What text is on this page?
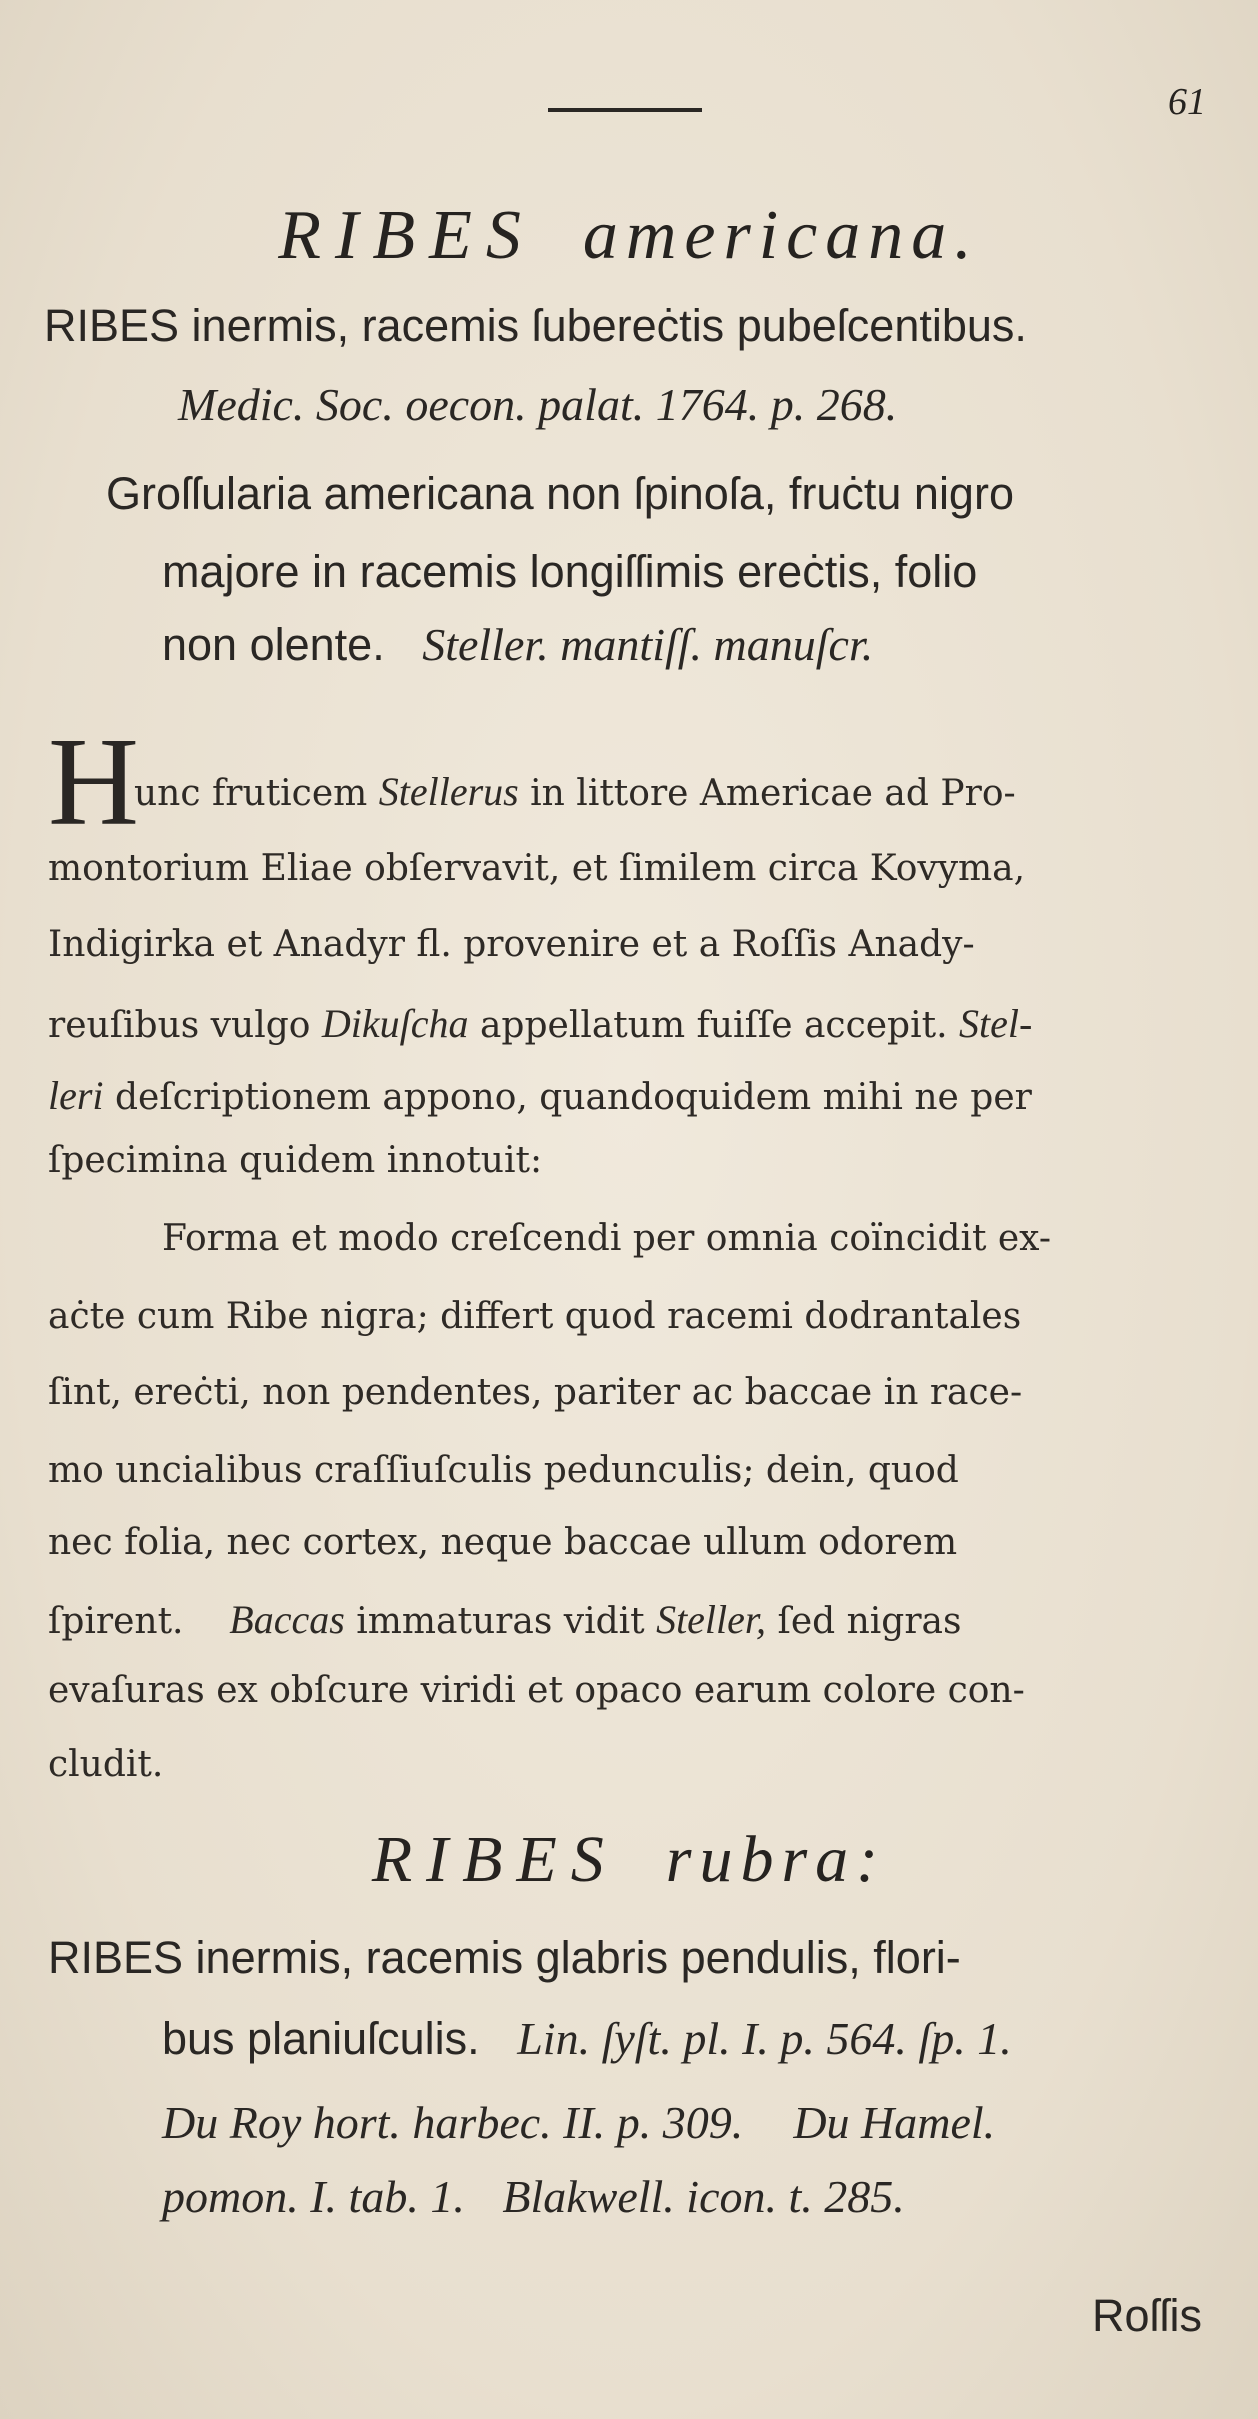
61
RIBES americana.
RIBES inermis, racemis ſubereċtis pubeſcentibus.
Medic. Soc. oecon. palat. 1764. p. 268.
Groſſularia americana non ſpinoſa, fruċtu nigro
majore in racemis longiſſimis ereċtis, folio
non olente. Steller. mantiſſ. manuſcr.
H
unc fruticem Stellerus in littore Americae ad Pro-
montorium Eliae obſervavit, et ſimilem circa Kovyma,
Indigirka et Anadyr fl. provenire et a Roſſis Anady-
reuſibus vulgo Dikuſcha appellatum fuiſſe accepit. Stel-
leri deſcriptionem appono, quandoquidem mihi ne per
ſpecimina quidem innotuit:
Forma et modo creſcendi per omnia coïncidit ex-
aċte cum Ribe nigra; differt quod racemi dodrantales
ſint, ereċti, non pendentes, pariter ac baccae in race-
mo uncialibus craſſiuſculis pedunculis; dein, quod
nec folia, nec cortex, neque baccae ullum odorem
ſpirent. Baccas immaturas vidit Steller, ſed nigras
evaſuras ex obſcure viridi et opaco earum colore con-
cludit.
RIBES rubra:
RIBES inermis, racemis glabris pendulis, flori-
bus planiuſculis. Lin. ſyſt. pl. I. p. 564. ſp. 1.
Du Roy hort. harbec. II. p. 309. Du Hamel.
pomon. I. tab. 1. Blakwell. icon. t. 285.
Roſſis
